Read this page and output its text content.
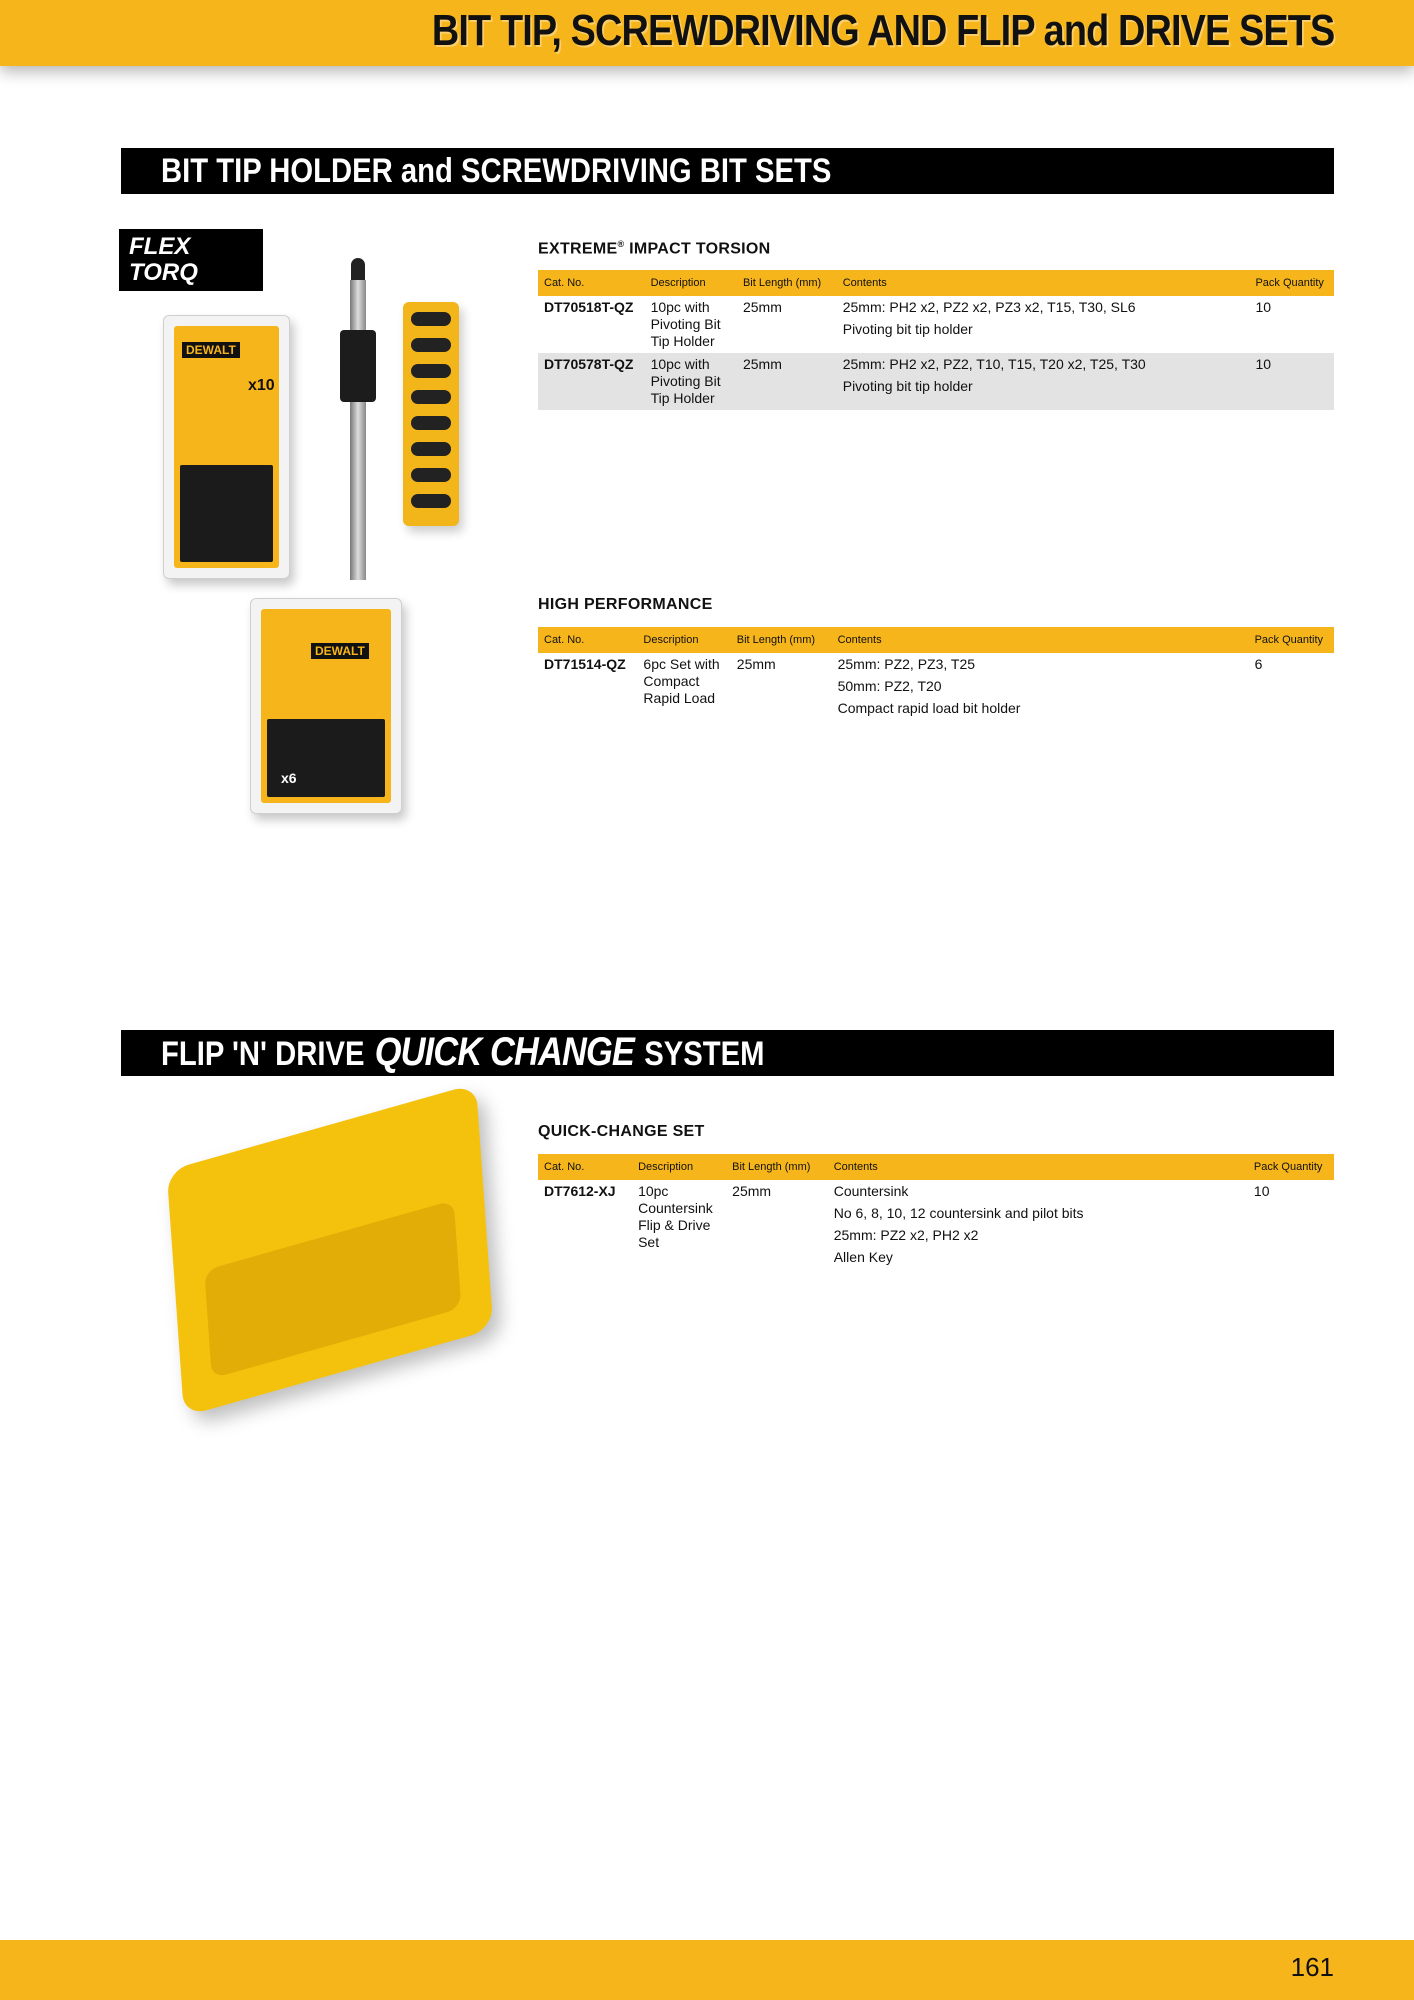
BIT TIP, SCREWDRIVING AND FLIP and DRIVE SETS
BIT TIP HOLDER and SCREWDRIVING BIT SETS
FLEX
TORQ
DEWALT
x10
DEWALT
x6
EXTREME® IMPACT TORSION
Cat. No.	Description	Bit Length (mm)	Contents	Pack Quantity
DT70518T-QZ	10pc with Pivoting Bit Tip Holder	25mm	25mm: PH2 x2, PZ2 x2, PZ3 x2, T15, T30, SL6
Pivoting bit tip holder	10
DT70578T-QZ	10pc with Pivoting Bit Tip Holder	25mm	25mm: PH2 x2, PZ2, T10, T15, T20 x2, T25, T30
Pivoting bit tip holder	10
HIGH PERFORMANCE
Cat. No.	Description	Bit Length (mm)	Contents	Pack Quantity
DT71514-QZ	6pc Set with Compact Rapid Load	25mm	25mm: PZ2, PZ3, T25
50mm: PZ2, T20
Compact rapid load bit holder	6
FLIP 'N' DRIVE QUICK CHANGE SYSTEM
QUICK-CHANGE SET
Cat. No.	Description	Bit Length (mm)	Contents	Pack Quantity
DT7612-XJ	10pc Countersink Flip & Drive Set	25mm	Countersink
No 6, 8, 10, 12 countersink and pilot bits
25mm: PZ2 x2, PH2 x2
Allen Key	10
161
